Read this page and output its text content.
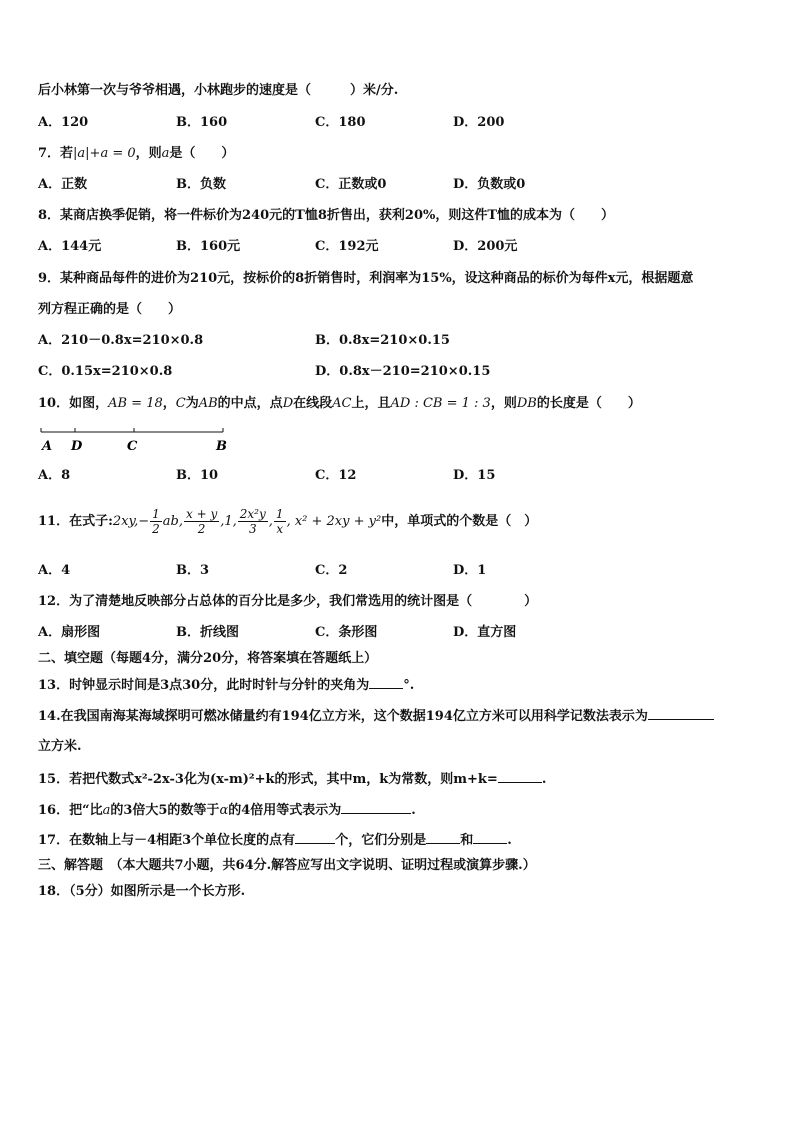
后小林第一次与爷爷相遇，小林跑步的速度是（　　　）米/分.
A．120	B．160	C．180	D．200
7．若|a|+a = 0，则a是（　　）
A．正数	B．负数	C．正数或0	D．负数或0
8．某商店换季促销，将一件标价为240元的T恤8折售出，获利20%，则这件T恤的成本为（　　）
A．144元	B．160元	C．192元	D．200元
9．某种商品每件的进价为210元，按标价的8折销售时，利润率为15%，设这种商品的标价为每件x元，根据题意
列方程正确的是（　　）
A．210－0.8x=210×0.8	B．0.8x=210×0.15
C．0.15x=210×0.8	D．0.8x－210=210×0.15
10．如图，AB = 18，C为AB的中点，点D在线段AC上，且AD : CB = 1 : 3，则DB的长度是（　　）
A D	C	B
A．8	B．10	C．12	D．15
11．在式子:2xy,− $\frac{1}{2}$ ab, $\frac{x + y}{2} ,1$, $\frac{\text{2x²y}}{3}$ , $\frac{1}{x}$ , x² + 2xy + y²中，单项式的个数是（　）
A．4	B．3	C．2	D．1
12．为了清楚地反映部分占总体的百分比是多少，我们常选用的统计图是（　　　　）
A．扇形图	B．折线图	C．条形图	D．直方图
二、填空题（每题4分，满分20分，将答案填在答题纸上）
13．时钟显示时间是3点30分，此时时针与分针的夹角为	°.
14.在我国南海某海域探明可燃冰储量约有194亿立方米，这个数据194亿立方米可以用科学记数法表示为
立方米.
15．若把代数式x²-2x-3化为(x-m)²+k的形式，其中m，k为常数，则m+k=	.
16．把“比a的3倍大5的数等于α的4倍用等式表示为	.
17．在数轴上与－4相距3个单位长度的点有	个，它们分别是	和	.
三、解答题　（本大题共7小题，共64分.解答应写出文字说明、证明过程或演算步骤.）
18．（5分）如图所示是一个长方形.
